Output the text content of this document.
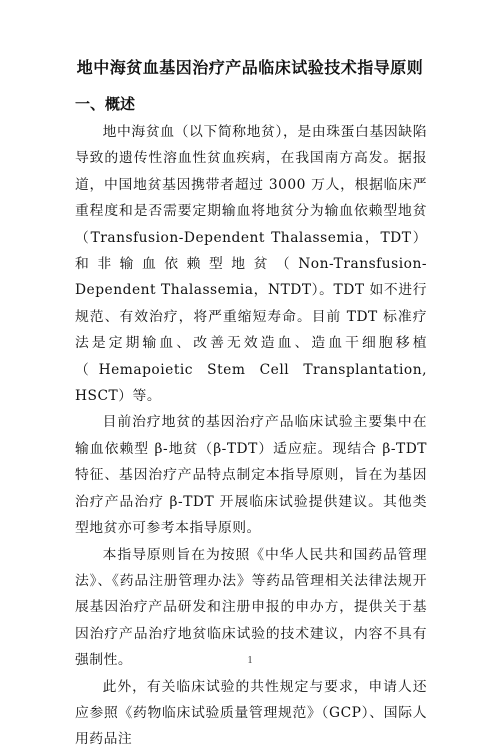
地中海贫血基因治疗产品临床试验技术指导原则
一、概述

地中海贫血（以下简称地贫），是由珠蛋白基因缺陷导致的遗传性溶血性贫血疾病，在我国南方高发。据报道，中国地贫基因携带者超过 3000 万人，根据临床严重程度和是否需要定期输血将地贫分为输血依赖型地贫（Transfusion-Dependent Thalassemia，TDT）和非输血依赖型地贫（Non-Transfusion-Dependent Thalassemia，NTDT）。TDT 如不进行规范、有效治疗，将严重缩短寿命。目前 TDT 标准疗法是定期输血、改善无效造血、造血干细胞移植（Hemapoietic Stem Cell Transplantation, HSCT）等。

目前治疗地贫的基因治疗产品临床试验主要集中在输血依赖型 β-地贫（β-TDT）适应症。现结合 β-TDT 特征、基因治疗产品特点制定本指导原则，旨在为基因治疗产品治疗 β-TDT 开展临床试验提供建议。其他类型地贫亦可参考本指导原则。

本指导原则旨在为按照《中华人民共和国药品管理法》、《药品注册管理办法》等药品管理相关法律法规开展基因治疗产品研发和注册申报的申办方，提供关于基因治疗产品治疗地贫临床试验的技术建议，内容不具有强制性。

此外，有关临床试验的共性规定与要求，申请人还应参照《药物临床试验质量管理规范》（GCP）、国际人用药品注

1
